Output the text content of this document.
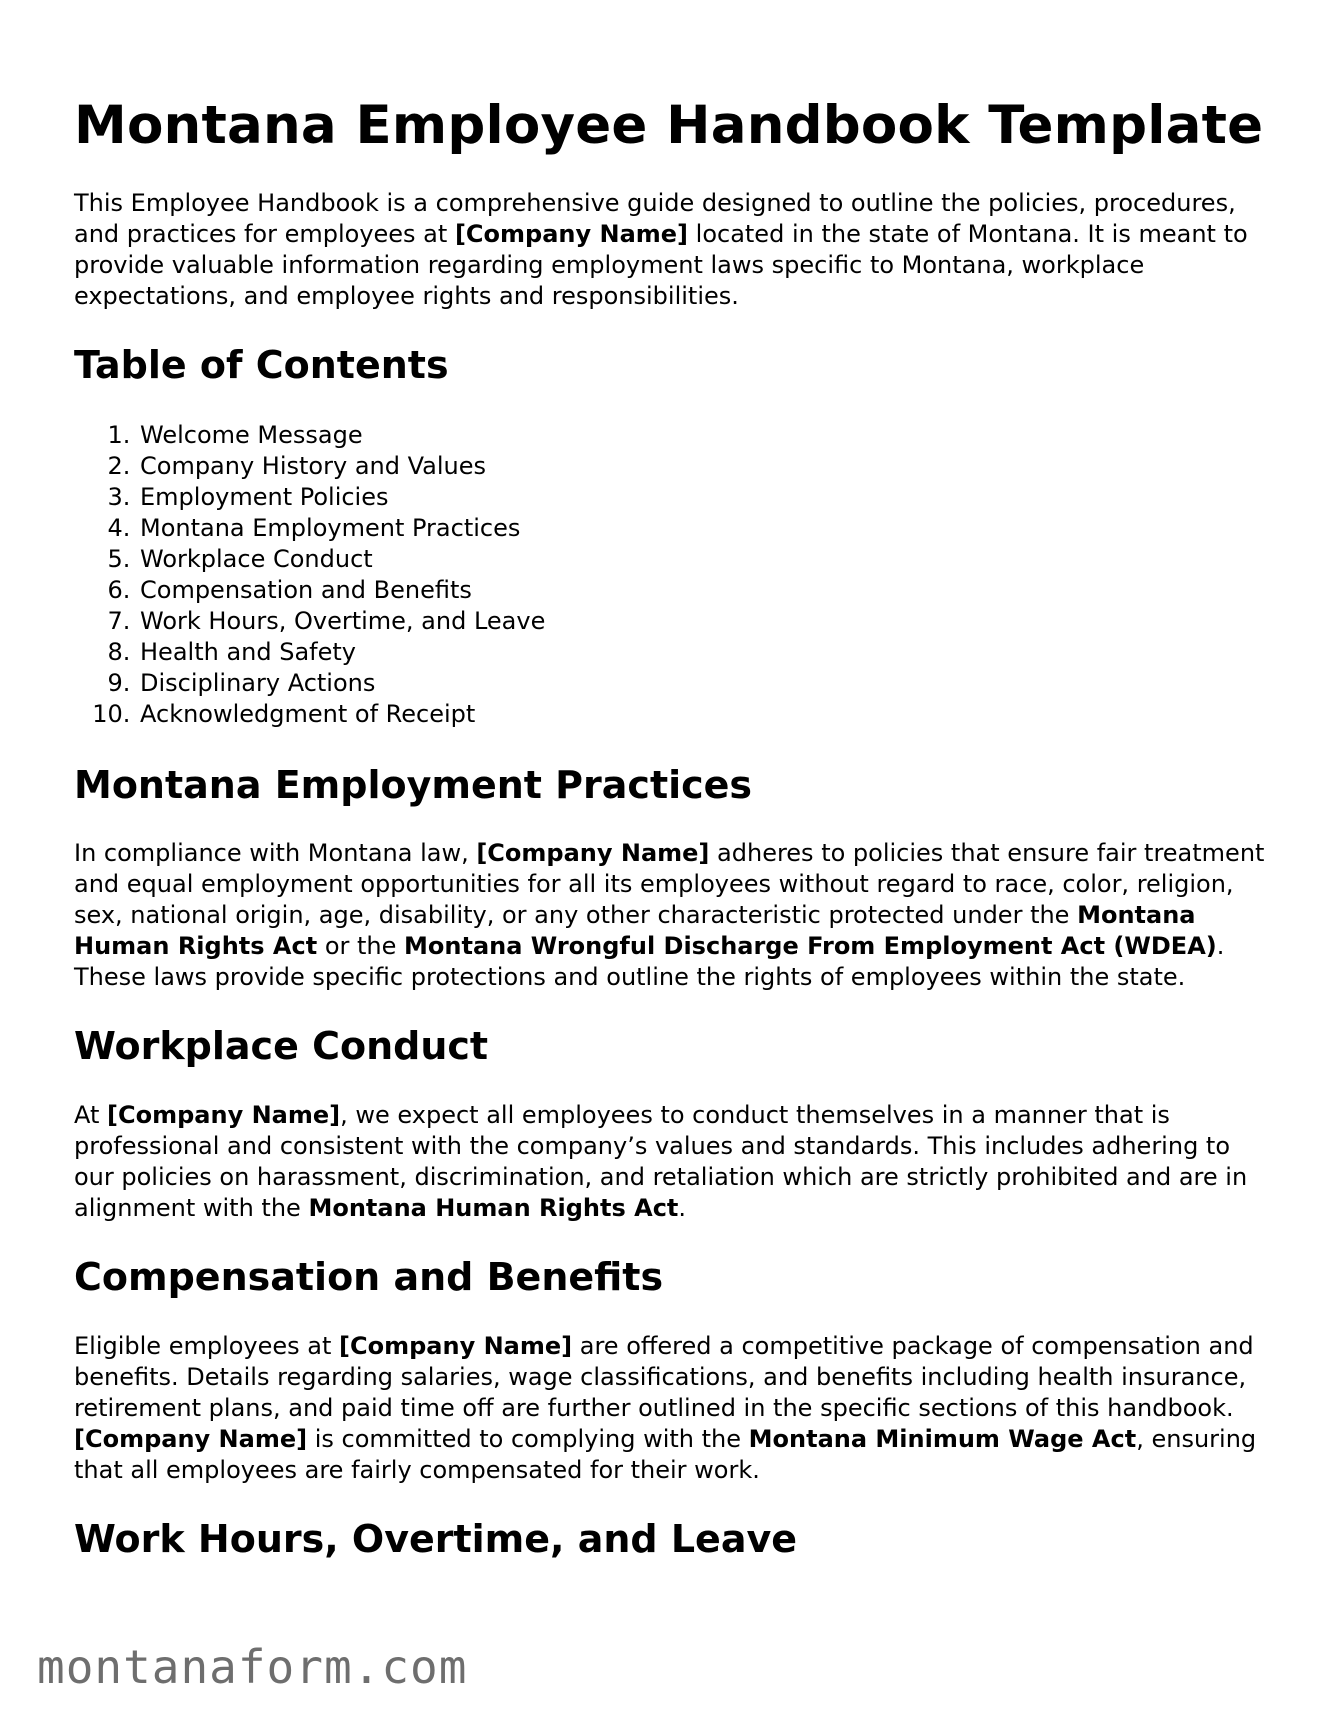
Montana Employee Handbook Template

This Employee Handbook is a comprehensive guide designed to outline the policies, procedures, and practices for employees at [Company Name] located in the state of Montana. It is meant to provide valuable information regarding employment laws specific to Montana, workplace expectations, and employee rights and responsibilities.

Table of Contents
1. Welcome Message
2. Company History and Values
3. Employment Policies
4. Montana Employment Practices
5. Workplace Conduct
6. Compensation and Benefits
7. Work Hours, Overtime, and Leave
8. Health and Safety
9. Disciplinary Actions
10. Acknowledgment of Receipt
Montana Employment Practices

In compliance with Montana law, [Company Name] adheres to policies that ensure fair treatment and equal employment opportunities for all its employees without regard to race, color, religion, sex, national origin, age, disability, or any other characteristic protected under the Montana Human Rights Act or the Montana Wrongful Discharge From Employment Act (WDEA). These laws provide specific protections and outline the rights of employees within the state.

Workplace Conduct

At [Company Name], we expect all employees to conduct themselves in a manner that is professional and consistent with the company’s values and standards. This includes adhering to our policies on harassment, discrimination, and retaliation which are strictly prohibited and are in alignment with the Montana Human Rights Act.

Compensation and Benefits

Eligible employees at [Company Name] are offered a competitive package of compensation and benefits. Details regarding salaries, wage classifications, and benefits including health insurance, retirement plans, and paid time off are further outlined in the specific sections of this handbook. [Company Name] is committed to complying with the Montana Minimum Wage Act, ensuring that all employees are fairly compensated for their work.

Work Hours, Overtime, and Leave
montanaform.com
